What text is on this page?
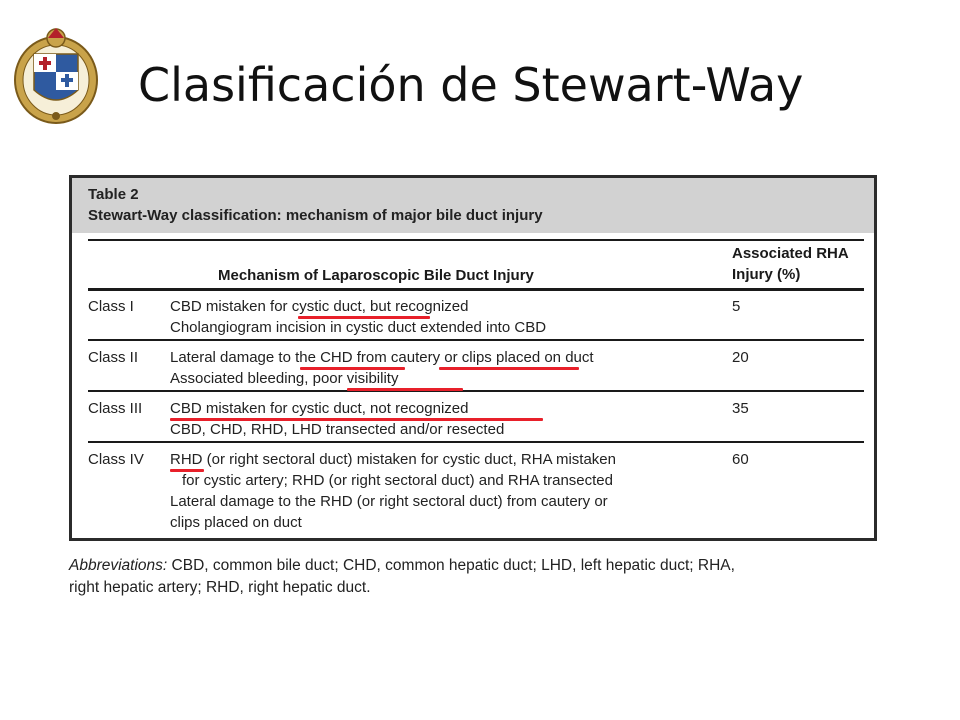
Clasificación de Stewart-Way
Table 2
Stewart-Way classification: mechanism of major bile duct injury
Mechanism of Laparoscopic Bile Duct Injury
Associated RHA
Injury (%)
Class I CBD mistaken for cystic duct, but recognized
Cholangiogram incision in cystic duct extended into CBD
5
Class II Lateral damage to the CHD from cautery or clips placed on duct
Associated bleeding, poor visibility
20
Class III CBD mistaken for cystic duct, not recognized
CBD, CHD, RHD, LHD transected and/or resected
35
Class IV RHD (or right sectoral duct) mistaken for cystic duct, RHA mistaken
for cystic artery; RHD (or right sectoral duct) and RHA transected
Lateral damage to the RHD (or right sectoral duct) from cautery or
clips placed on duct
60
Abbreviations: CBD, common bile duct; CHD, common hepatic duct; LHD, left hepatic duct; RHA,
right hepatic artery; RHD, right hepatic duct.
